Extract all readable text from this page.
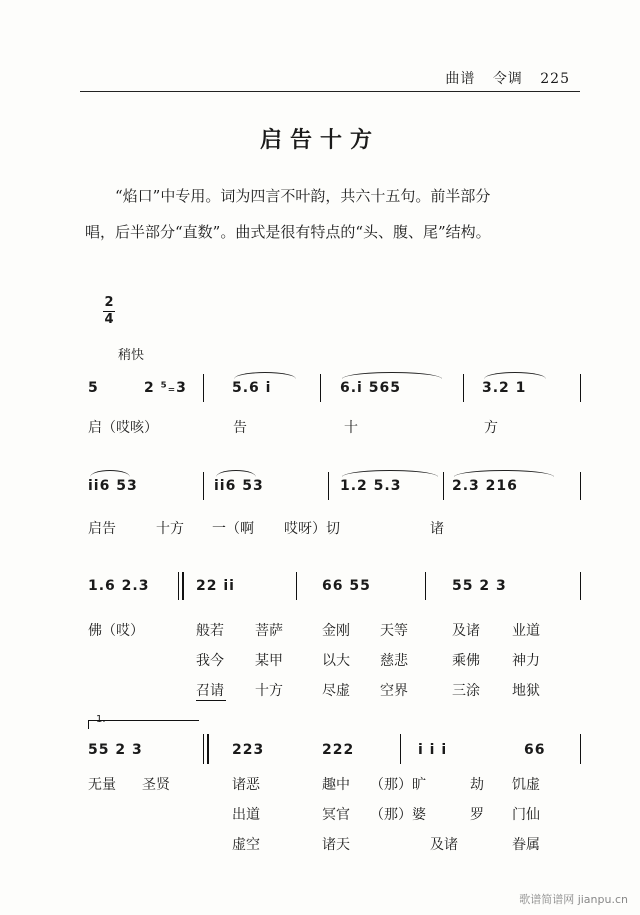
曲谱 令调 225
启告十方

“焰口”中专用。词为四言不叶韵，共六十五句。前半部分

唱，后半部分“直数”。曲式是很有特点的“头、腹、尾”结构。

2
4
稍快
5	2 ⁵₌3	5.6 i	6.i 565	3.2 1
启（哎咳）	告	十	方
ii6 53	ii6 53	1.2 5.3	2.3 216
启告	十方 一（啊 哎呀）切	诸
1.6 2.3	22 ii	66 55	55 2 3
佛（哎）	般若 菩萨	金刚 天等	及诸 业道
我今 某甲	以大 慈悲	乘佛 神力
召请 十方	尽虚 空界	三涂 地狱
1.
55 2 3	223	222	i i i	66
无量 圣贤	诸恶	趣中 （那）旷	劫 饥虚
出道	冥官 （那）婆	罗 门仙
虚空	诸天	及诸	眷属
歌谱简谱网 jianpu.cn
